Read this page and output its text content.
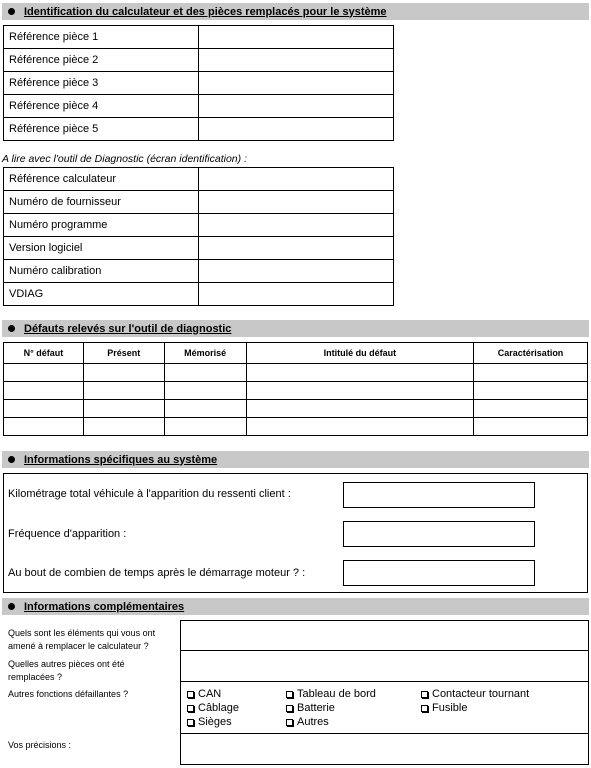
Identification du calculateur et des pièces remplacés pour le système
Référence pièce 1	
Référence pièce 2	
Référence pièce 3	
Référence pièce 4	
Référence pièce 5	
A lire avec l'outil de Diagnostic (écran identification) :
Référence calculateur	
Numéro de fournisseur	
Numéro programme	
Version logiciel	
Numéro calibration	
VDIAG	
Défauts relevés sur l'outil de diagnostic
N° défaut	Présent	Mémorisé	Intitulé du défaut	Caractérisation

Informations spécifiques au système
Kilométrage total véhicule à l'apparition du ressenti client :
Fréquence d'apparition :
Au bout de combien de temps après le démarrage moteur ? :
Informations complémentaires
Quels sont les éléments qui vous ont
amené à remplacer le calculateur ?
Quelles autres pièces ont été
remplacées ?
Autres fonctions défaillantes ?
Vos précisions :
CAN	Tableau de bord	Contacteur tournant
Câblage	Batterie	Fusible
Sièges	Autres
